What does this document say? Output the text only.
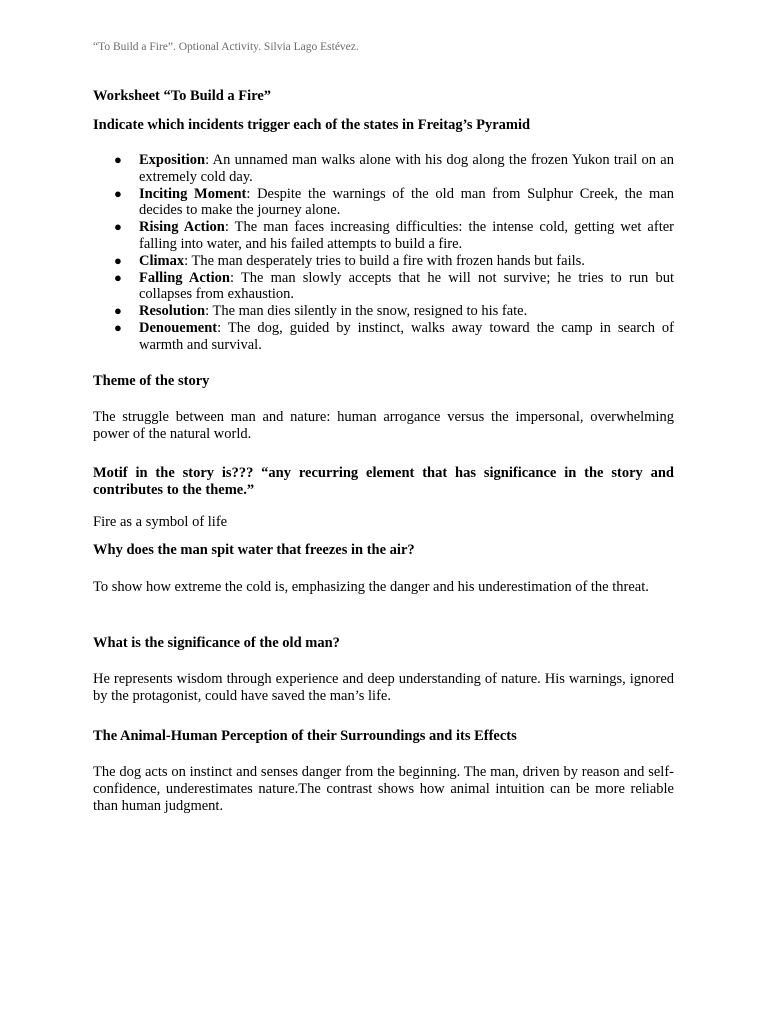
“To Build a Fire”. Optional Activity. Silvia Lago Estévez.
Worksheet “To Build a Fire”
Indicate which incidents trigger each of the states in Freitag’s Pyramid
● Exposition: An unnamed man walks alone with his dog along the frozen Yukon trail on an extremely cold day.
● Inciting Moment: Despite the warnings of the old man from Sulphur Creek, the man decides to make the journey alone.
● Rising Action: The man faces increasing difficulties: the intense cold, getting wet after falling into water, and his failed attempts to build a fire.
● Climax: The man desperately tries to build a fire with frozen hands but fails.
● Falling Action: The man slowly accepts that he will not survive; he tries to run but collapses from exhaustion.
● Resolution: The man dies silently in the snow, resigned to his fate.
● Denouement: The dog, guided by instinct, walks away toward the camp in search of warmth and survival.
Theme of the story
The struggle between man and nature: human arrogance versus the impersonal, overwhelming power of the natural world.
Motif in the story is??? “any recurring element that has significance in the story and contributes to the theme.”
Fire as a symbol of life
Why does the man spit water that freezes in the air?
To show how extreme the cold is, emphasizing the danger and his underestimation of the threat.
What is the significance of the old man?
He represents wisdom through experience and deep understanding of nature. His warnings, ignored by the protagonist, could have saved the man’s life.
The Animal-Human Perception of their Surroundings and its Effects
The dog acts on instinct and senses danger from the beginning. The man, driven by reason and self-confidence, underestimates nature.The contrast shows how animal intuition can be more reliable than human judgment.
